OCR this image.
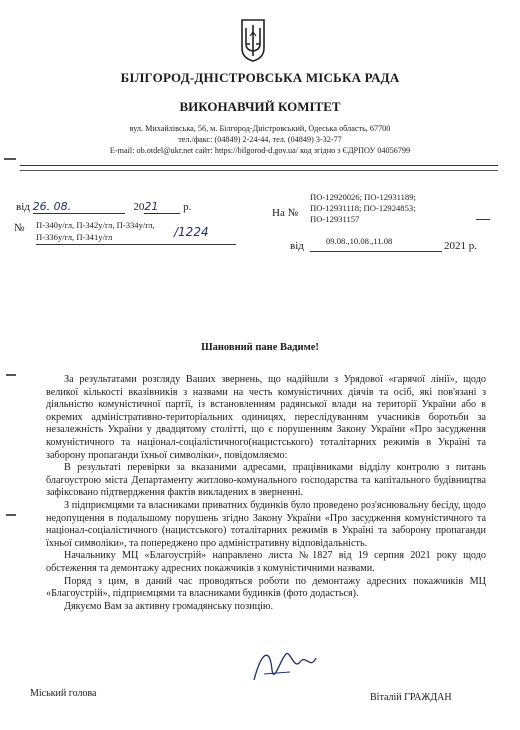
БІЛГОРОД-ДНІСТРОВСЬКА МІСЬКА РАДА
ВИКОНАВЧИЙ КОМІТЕТ
вул. Михайлівська, 56, м. Білгород-Дністровський, Одеська область, 67700
тел./факс: (04849) 2-24-44, тел. (04849) 3-32-77
E-mail: ob.otdel@ukr.net сайт: https://bilgorod-d.gov.ua/ код згідно з ЄДРПОУ 04056799
від 26. 08.	2021 р.
№ П-340у/гл, П-342у/гл, П-334у/гл,
П-336у/гл, П-341у/гл	/1224
На №
ПО-12920026; ПО-12931189;
ПО-12931118; ПО-12924853;
ПО-12931157
від	09.08.,10.08.,11.08	2021 р.
Шановний пане Вадиме!

За результатами розгляду Ваших звернень, що надійшли з Урядової «гарячої лінії», щодо великої кількості вказівників з назвами на честь комуністичних діячів та осіб, які пов'язані з діяльністю комуністичної партії, із встановленням радянської влади на території України або в окремих адміністративно-територіальних одиницях, переслідуванням учасників боротьби за незалежність України у двадцятому столітті, що є порушенням Закону України «Про засудження комуністичного та націонал-соціалістичного(нацистського) тоталітарних режимів в Україні та заборону пропаганди їхньої символіки», повідомляємо:

В результаті перевірки за вказаними адресами, працівниками відділу контролю з питань благоустрою міста Департаменту житлово-комунального господарства та капітального будівництва зафіксовано підтвердження фактів викладених в зверненні.

З підприємцями та власниками приватних будинків було проведено роз'яснювальну бесіду, щодо недопущення в подальшому порушень згідно Закону України «Про засудження комуністичного та націонал-соціалістичного (нацистського) тоталітарних режимів в Україні та заборону пропаганди їхньої символіки», та попереджено про адміністративну відповідальність.

Начальнику МЦ «Благоустрій» направлено листа №1827 від 19 серпня 2021 року щодо обстеження та демонтажу адресних покажчиків з комуністичними назвами.

Поряд з цим, в даний час проводяться роботи по демонтажу адресних покажчиків МЦ «Благоустрій», підприємцями та власниками будинків (фото додасться).

Дякуємо Вам за активну громадянську позицію.

Міський голова	Віталій ГРАЖДАН
